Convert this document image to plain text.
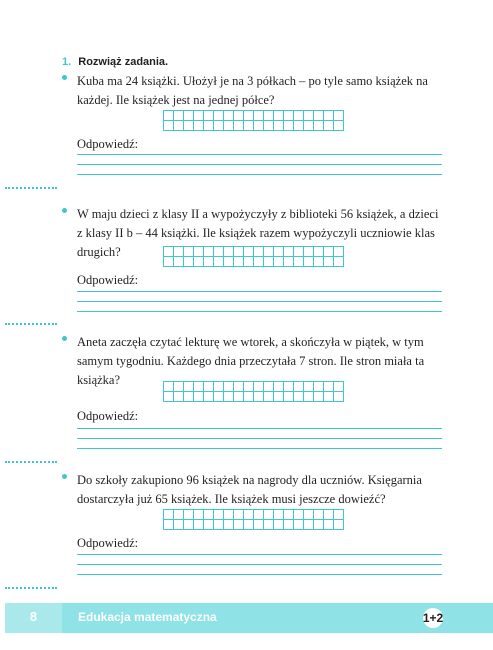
1. Rozwiąż zadania.
Kuba ma 24 książki. Ułożył je na 3 półkach – po tyle samo książek na każdej. Ile książek jest na jednej półce?
Odpowiedź:
W maju dzieci z klasy II a wypożyczyły z biblioteki 56 książek, a dzieci z klasy II b – 44 książki. Ile książek razem wypożyczyli uczniowie klas drugich?
Odpowiedź:
Aneta zaczęła czytać lekturę we wtorek, a skończyła w piątek, w tym samym tygodniu. Każdego dnia przeczytała 7 stron. Ile stron miała ta książka?
Odpowiedź:
Do szkoły zakupiono 96 książek na nagrody dla uczniów. Księgarnia dostarczyła już 65 książek. Ile książek musi jeszcze dowieźć?
Odpowiedź:
8	Edukacja matematyczna	1+2
